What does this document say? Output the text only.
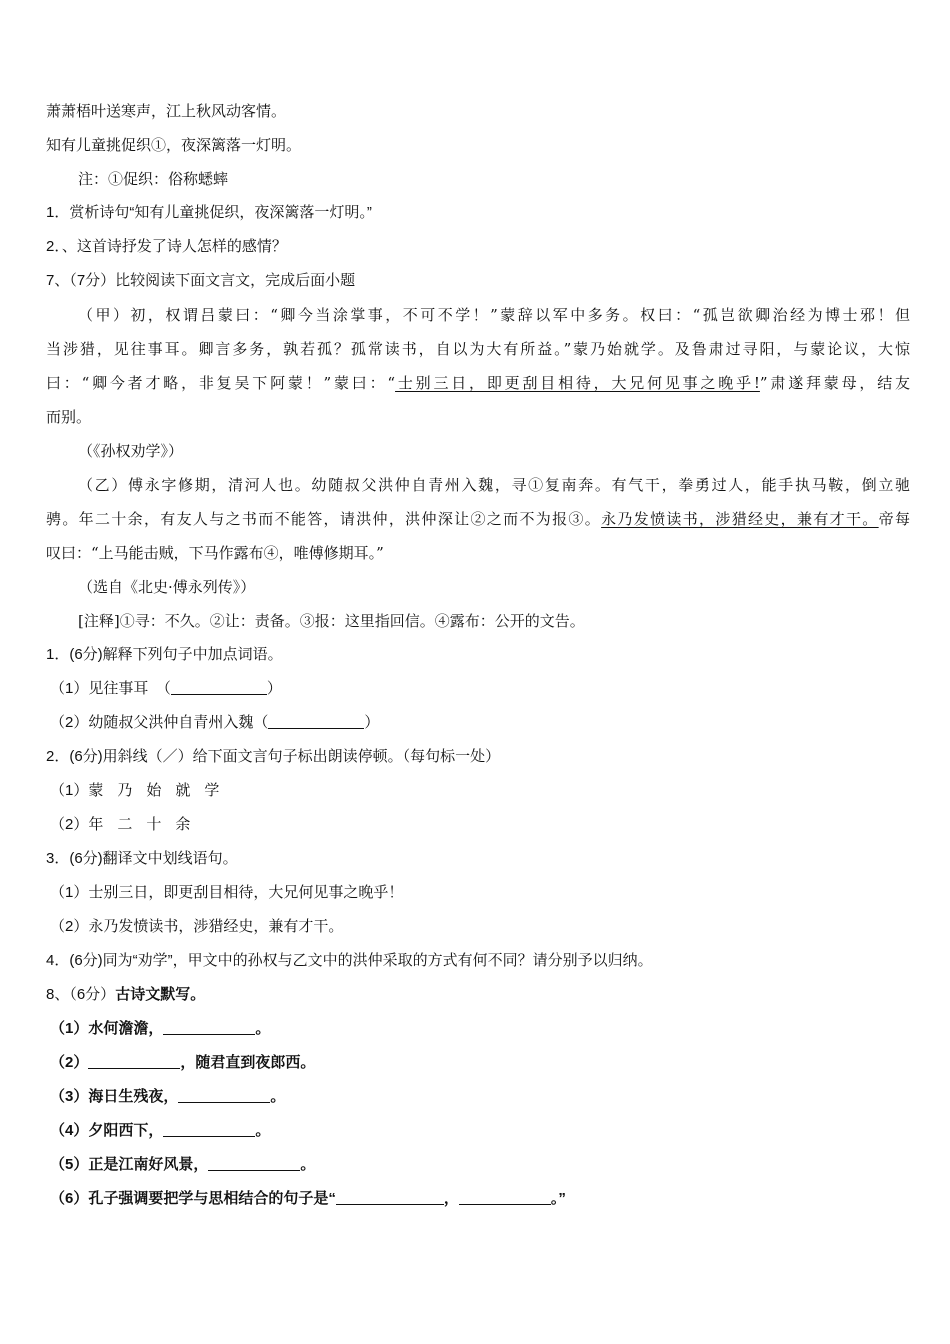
萧萧梧叶送寒声，江上秋风动客情。
知有儿童挑促织①，夜深篱落一灯明。
注：①促织：俗称蟋蟀
1．赏析诗句“知有儿童挑促织，夜深篱落一灯明。”
2．、这首诗抒发了诗人怎样的感情？
7、（7分）比较阅读下面文言文，完成后面小题
（甲）初，权谓吕蒙曰：“卿今当涂掌事，不可不学！”蒙辞以军中多务。权曰：“孤岂欲卿治经为博士邪！但
当涉猎，见往事耳。卿言多务，孰若孤？孤常读书，自以为大有所益。”蒙乃始就学。及鲁肃过寻阳，与蒙论议，大惊
曰：“卿今者才略，非复吴下阿蒙！”蒙曰：“士别三日，即更刮目相待，大兄何见事之晚乎!”肃遂拜蒙母，结友
而别。
（《孙权劝学》）
（乙）傅永字修期，清河人也。幼随叔父洪仲自青州入魏，寻①复南奔。有气干，拳勇过人，能手执马鞍，倒立驰
骋。年二十余，有友人与之书而不能答，请洪仲，洪仲深让②之而不为报③。永乃发愤读书，涉猎经史，兼有才干。帝每
叹曰：“上马能击贼，下马作露布④，唯傅修期耳。”
（选自《北史·傅永列传》）
[注释]①寻：不久。②让：责备。③报：这里指回信。④露布：公开的文告。
1．(6分)解释下列句子中加点词语。
（1）见往事耳　（	）
（2）幼随叔父洪仲自青州入魏（	）
2．(6分)用斜线（／）给下面文言句子标出朗读停顿。（每句标一处）
（1）蒙乃始就学
（2）年二十余
3．(6分)翻译文中划线语句。
（1）士别三日，即更刮目相待，大兄何见事之晚乎！
（2）永乃发愤读书，涉猎经史，兼有才干。
4．(6分)同为“劝学”，甲文中的孙权与乙文中的洪仲采取的方式有何不同？请分别予以归纳。
8、（6分）古诗文默写。
（1）水何澹澹，	。
（2）	，随君直到夜郎西。
（3）海日生残夜，	。
（4）夕阳西下，	。
（5）正是江南好风景，	。
（6）孔子强调要把学与思相结合的句子是“	，	。”
